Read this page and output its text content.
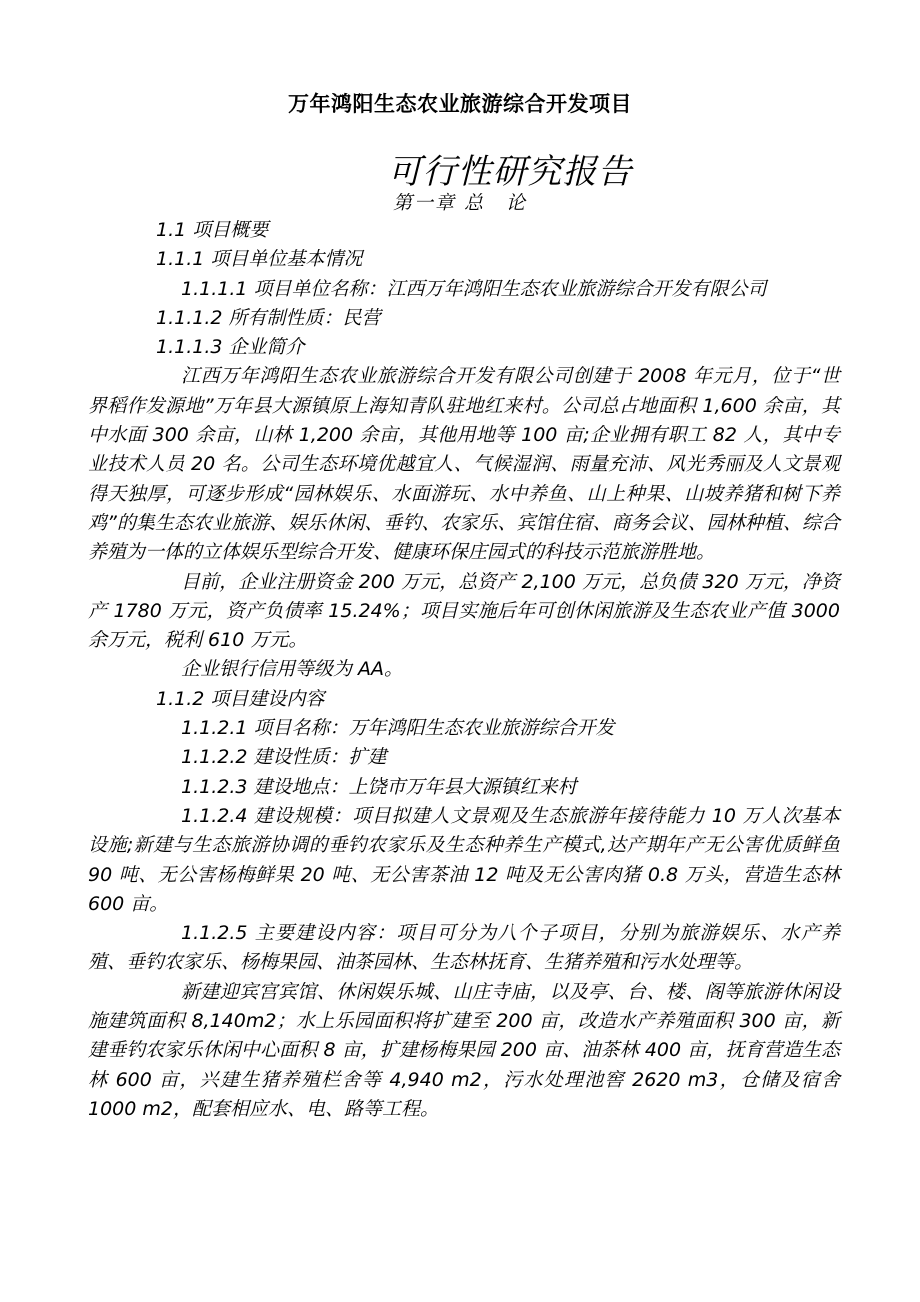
万年鸿阳生态农业旅游综合开发项目
可行性研究报告
第一章 总　论
1.1 项目概要
1.1.1 项目单位基本情况
1.1.1.1 项目单位名称：江西万年鸿阳生态农业旅游综合开发有限公司
1.1.1.2 所有制性质：民营
1.1.1.3 企业简介
江西万年鸿阳生态农业旅游综合开发有限公司创建于 2008 年元月，位于“世界稻作发源地”万年县大源镇原上海知青队驻地红来村。公司总占地面积 1,600 余亩，其中水面 300 余亩，山林 1,200 余亩，其他用地等 100 亩;企业拥有职工 82 人，其中专业技术人员 20 名。公司生态环境优越宜人、气候湿润、雨量充沛、风光秀丽及人文景观得天独厚，可逐步形成“园林娱乐、水面游玩、水中养鱼、山上种果、山坡养猪和树下养鸡”的集生态农业旅游、娱乐休闲、垂钓、农家乐、宾馆住宿、商务会议、园林种植、综合养殖为一体的立体娱乐型综合开发、健康环保庄园式的科技示范旅游胜地。
目前，企业注册资金 200 万元，总资产 2,100 万元，总负债 320 万元，净资产 1780 万元，资产负债率 15.24%；项目实施后年可创休闲旅游及生态农业产值 3000 余万元，税利 610 万元。
企业银行信用等级为 AA。
1.1.2 项目建设内容
1.1.2.1 项目名称：万年鸿阳生态农业旅游综合开发
1.1.2.2 建设性质：扩建
1.1.2.3 建设地点：上饶市万年县大源镇红来村
1.1.2.4 建设规模：项目拟建人文景观及生态旅游年接待能力 10 万人次基本设施;新建与生态旅游协调的垂钓农家乐及生态种养生产模式,达产期年产无公害优质鲜鱼 90 吨、无公害杨梅鲜果 20 吨、无公害茶油 12 吨及无公害肉猪 0.8 万头，营造生态林 600 亩。
1.1.2.5 主要建设内容：项目可分为八个子项目，分别为旅游娱乐、水产养殖、垂钓农家乐、杨梅果园、油茶园林、生态林抚育、生猪养殖和污水处理等。
新建迎宾宫宾馆、休闲娱乐城、山庄寺庙，以及亭、台、楼、阁等旅游休闲设施建筑面积 8,140m2；水上乐园面积将扩建至 200 亩，改造水产养殖面积 300 亩，新建垂钓农家乐休闲中心面积 8 亩，扩建杨梅果园 200 亩、油茶林 400 亩，抚育营造生态林 600 亩，兴建生猪养殖栏舍等 4,940 m2，污水处理池窖 2620 m3，仓储及宿舍 1000 m2，配套相应水、电、路等工程。
